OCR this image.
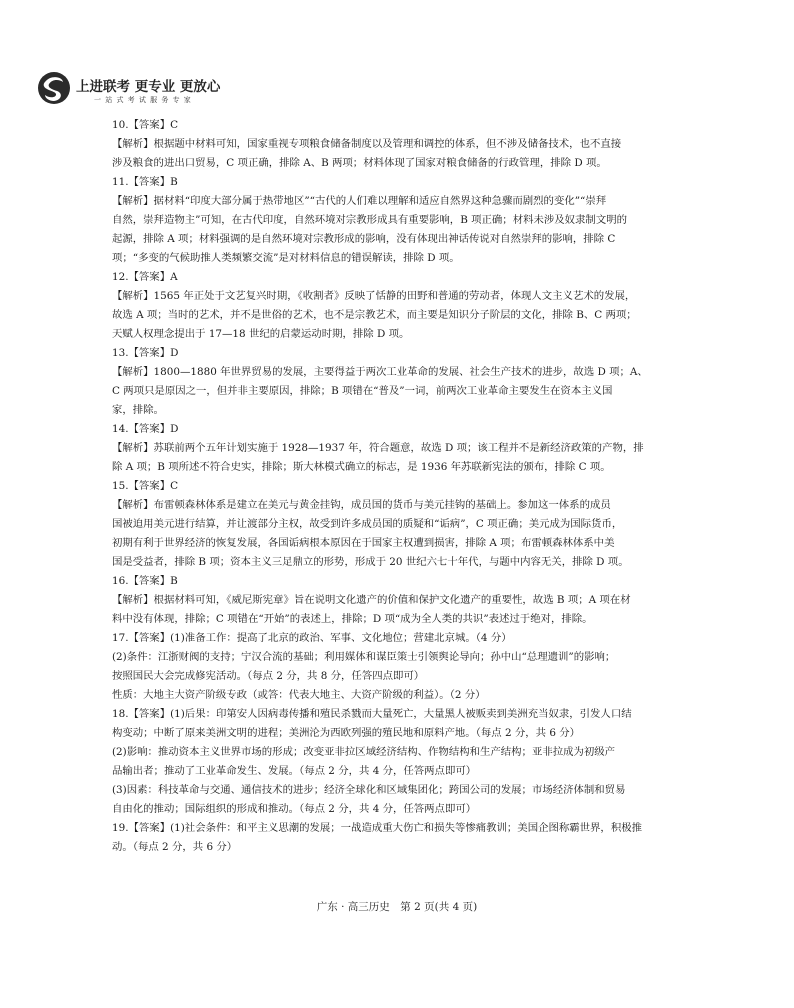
上进联考 更专业 更放心
一 站 式 考 试 服 务 专 家

10.【答案】C

【解析】根据题中材料可知，国家重视专项粮食储备制度以及管理和调控的体系，但不涉及储备技术，也不直接

涉及粮食的进出口贸易，C 项正确，排除 A、B 两项；材料体现了国家对粮食储备的行政管理，排除 D 项。

11.【答案】B

【解析】据材料“印度大部分属于热带地区”“古代的人们难以理解和适应自然界这种急骤而剧烈的变化”“崇拜

自然，崇拜造物主”可知，在古代印度，自然环境对宗教形成具有重要影响，B 项正确；材料未涉及奴隶制文明的

起源，排除 A 项；材料强调的是自然环境对宗教形成的影响，没有体现出神话传说对自然崇拜的影响，排除 C

项；“多变的气候助推人类频繁交流”是对材料信息的错误解读，排除 D 项。

12.【答案】A

【解析】1565 年正处于文艺复兴时期，《收割者》反映了恬静的田野和普通的劳动者，体现人文主义艺术的发展，

故选 A 项；当时的艺术，并不是世俗的艺术，也不是宗教艺术，而主要是知识分子阶层的文化，排除 B、C 两项；

天赋人权理念提出于 17—18 世纪的启蒙运动时期，排除 D 项。

13.【答案】D

【解析】1800—1880 年世界贸易的发展，主要得益于两次工业革命的发展、社会生产技术的进步，故选 D 项；A、

C 两项只是原因之一，但并非主要原因，排除；B 项错在“普及”一词，前两次工业革命主要发生在资本主义国

家，排除。

14.【答案】D

【解析】苏联前两个五年计划实施于 1928—1937 年，符合题意，故选 D 项；该工程并不是新经济政策的产物，排

除 A 项；B 项所述不符合史实，排除；斯大林模式确立的标志，是 1936 年苏联新宪法的颁布，排除 C 项。

15.【答案】C

【解析】布雷顿森林体系是建立在美元与黄金挂钩，成员国的货币与美元挂钩的基础上。参加这一体系的成员

国被迫用美元进行结算，并让渡部分主权，故受到许多成员国的质疑和“诟病”，C 项正确；美元成为国际货币，

初期有利于世界经济的恢复发展，各国诟病根本原因在于国家主权遭到损害，排除 A 项；布雷顿森林体系中美

国是受益者，排除 B 项；资本主义三足鼎立的形势，形成于 20 世纪六七十年代，与题中内容无关，排除 D 项。

16.【答案】B

【解析】根据材料可知，《威尼斯宪章》旨在说明文化遗产的价值和保护文化遗产的重要性，故选 B 项；A 项在材

料中没有体现，排除；C 项错在“开始”的表述上，排除；D 项“成为全人类的共识”表述过于绝对，排除。

17.【答案】(1)准备工作：提高了北京的政治、军事、文化地位；营建北京城。（4 分）

(2)条件：江浙财阀的支持；宁汉合流的基础；利用媒体和谋臣策士引领舆论导向；孙中山“总理遗训”的影响；

按照国民大会完成修宪活动。（每点 2 分，共 8 分，任答四点即可）

性质：大地主大资产阶级专政（或答：代表大地主、大资产阶级的利益）。（2 分）

18.【答案】(1)后果：印第安人因病毒传播和殖民杀戮而大量死亡，大量黑人被贩卖到美洲充当奴隶，引发人口结

构变动；中断了原来美洲文明的进程；美洲沦为西欧列强的殖民地和原料产地。（每点 2 分，共 6 分）

(2)影响：推动资本主义世界市场的形成；改变亚非拉区域经济结构、作物结构和生产结构；亚非拉成为初级产

品输出者；推动了工业革命发生、发展。（每点 2 分，共 4 分，任答两点即可）

(3)因素：科技革命与交通、通信技术的进步；经济全球化和区域集团化；跨国公司的发展；市场经济体制和贸易

自由化的推动；国际组织的形成和推动。（每点 2 分，共 4 分，任答两点即可）

19.【答案】(1)社会条件：和平主义思潮的发展；一战造成重大伤亡和损失等惨痛教训；美国企图称霸世界，积极推

动。（每点 2 分，共 6 分）

广东 · 高三历史　第 2 页(共 4 页)
